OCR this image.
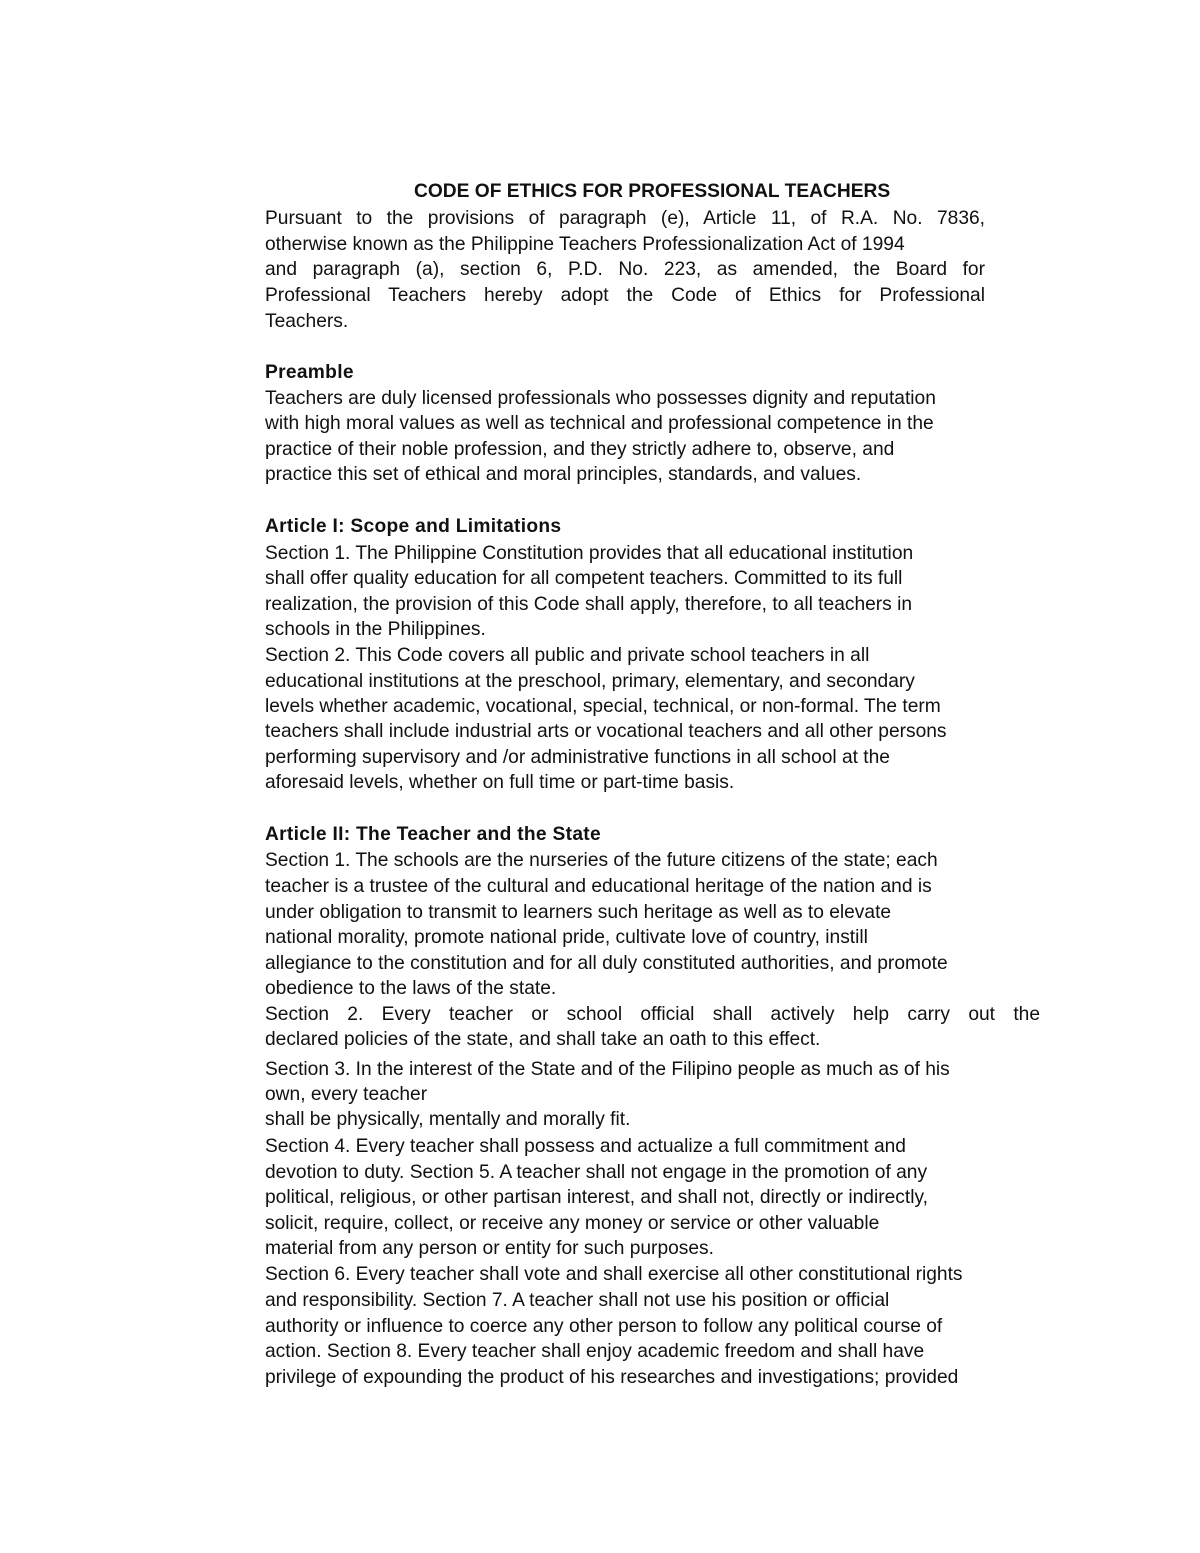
CODE OF ETHICS FOR PROFESSIONAL TEACHERS

Pursuant to the provisions of paragraph (e), Article 11, of R.A. No. 7836,

otherwise known as the Philippine Teachers Professionalization Act of 1994

and paragraph (a), section 6, P.D. No. 223, as amended, the Board for

Professional Teachers hereby adopt the Code of Ethics for Professional

Teachers.

Preamble

Teachers are duly licensed professionals who possesses dignity and reputation

with high moral values as well as technical and professional competence in the

practice of their noble profession, and they strictly adhere to, observe, and

practice this set of ethical and moral principles, standards, and values.

Article I: Scope and Limitations

Section 1. The Philippine Constitution provides that all educational institution

shall offer quality education for all competent teachers. Committed to its full

realization, the provision of this Code shall apply, therefore, to all teachers in

schools in the Philippines.

Section 2. This Code covers all public and private school teachers in all

educational institutions at the preschool, primary, elementary, and secondary

levels whether academic, vocational, special, technical, or non-formal. The term

teachers shall include industrial arts or vocational teachers and all other persons

performing supervisory and /or administrative functions in all school at the

aforesaid levels, whether on full time or part-time basis.

Article II: The Teacher and the State

Section 1. The schools are the nurseries of the future citizens of the state; each

teacher is a trustee of the cultural and educational heritage of the nation and is

under obligation to transmit to learners such heritage as well as to elevate

national morality, promote national pride, cultivate love of country, instill

allegiance to the constitution and for all duly constituted authorities, and promote

obedience to the laws of the state.

Section 2. Every teacher or school official shall actively help carry out the

declared policies of the state, and shall take an oath to this effect.

Section 3. In the interest of the State and of the Filipino people as much as of his

own, every teacher

shall be physically, mentally and morally fit.

Section 4. Every teacher shall possess and actualize a full commitment and

devotion to duty. Section 5. A teacher shall not engage in the promotion of any

political, religious, or other partisan interest, and shall not, directly or indirectly,

solicit, require, collect, or receive any money or service or other valuable

material from any person or entity for such purposes.

Section 6. Every teacher shall vote and shall exercise all other constitutional rights

and responsibility. Section 7. A teacher shall not use his position or official

authority or influence to coerce any other person to follow any political course of

action. Section 8. Every teacher shall enjoy academic freedom and shall have

privilege of expounding the product of his researches and investigations; provided
